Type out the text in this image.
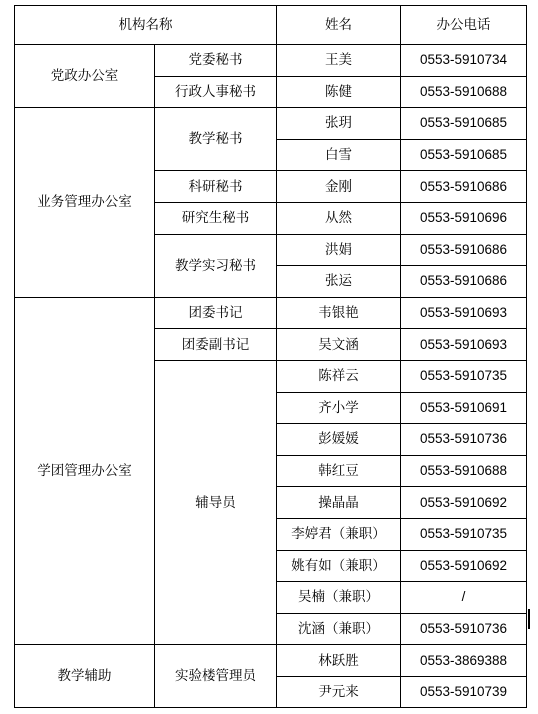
机构名称		姓名	办公电话
党政办公室	党委秘书	王美	0553-5910734
	行政人事秘书	陈健	0553-5910688
业务管理办公室	教学秘书	张玥	0553-5910685
		白雪	0553-5910685
	科研秘书	金刚	0553-5910686
	研究生秘书	从然	0553-5910696
	教学实习秘书	洪娟	0553-5910686
		张运	0553-5910686
学团管理办公室	团委书记	韦银艳	0553-5910693
	团委副书记	吴文涵	0553-5910693
	辅导员	陈祥云	0553-5910735
		齐小学	0553-5910691
		彭媛媛	0553-5910736
		韩红豆	0553-5910688
		操晶晶	0553-5910692
		李婷君（兼职）	0553-5910735
		姚有如（兼职）	0553-5910692
		吴楠（兼职）	/
		沈涵（兼职）	0553-5910736
教学辅助	实验楼管理员	林跃胜	0553-3869388
		尹元来	0553-5910739
